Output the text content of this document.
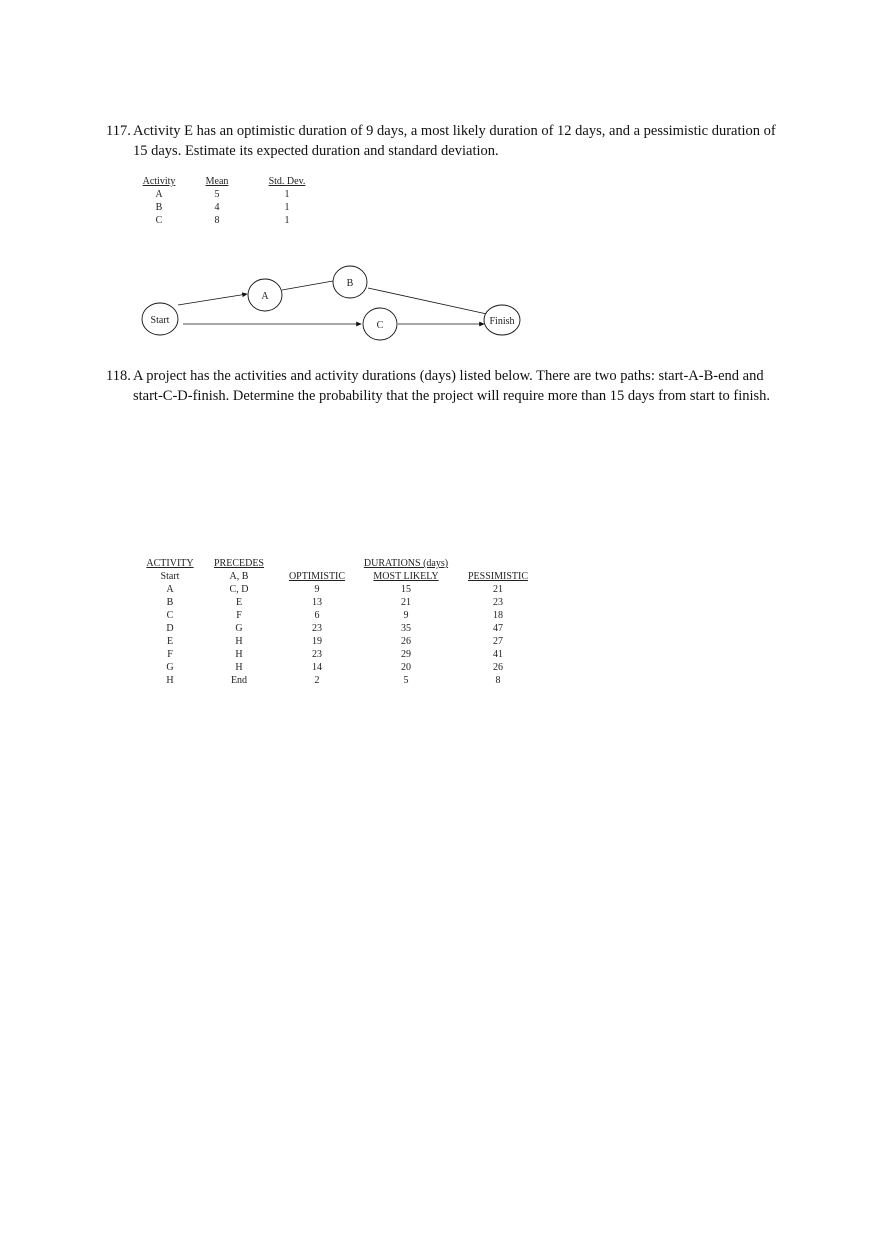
117. Activity E has an optimistic duration of 9 days, a most likely duration of 12 days, and a pessimistic duration of 15 days. Estimate its expected duration and standard deviation.
Activity	Mean	Std. Dev.
A	5	1
B	4	1
C	8	1
Start
A
B
C	Finish
118. A project has the activities and activity durations (days) listed below. There are two paths: start-A-B-end and start-C-D-finish. Determine the probability that the project will require more than 15 days from start to finish.
ACTIVITY	PRECEDES		DURATIONS (days)	
Start	A, B	OPTIMISTIC	MOST LIKELY	PESSIMISTIC
A	C, D	9	15	21
B	E	13	21	23
C	F	6	9	18
D	G	23	35	47
E	H	19	26	27
F	H	23	29	41
G	H	14	20	26
H	End	2	5	8
